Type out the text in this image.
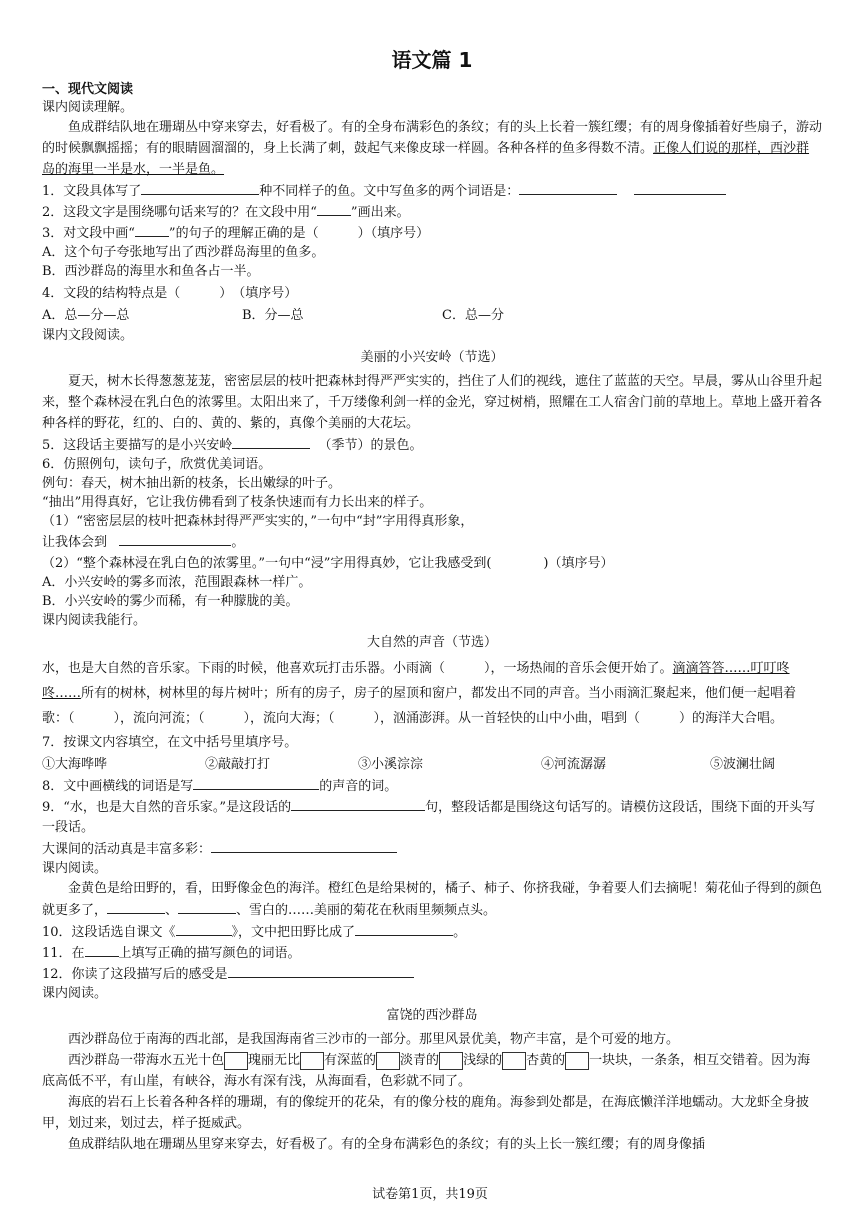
语文篇 1
一、现代文阅读
课内阅读理解。

鱼成群结队地在珊瑚丛中穿来穿去，好看极了。有的全身布满彩色的条纹；有的头上长着一簇红缨；有的周身像插着好些扇子，游动的时候飘飘摇摇；有的眼睛圆溜溜的，身上长满了刺，鼓起气来像皮球一样圆。各种各样的鱼多得数不清。正像人们说的那样，西沙群岛的海里一半是水，一半是鱼。

1．文段具体写了	种不同样子的鱼。文中写鱼多的两个词语是：
2．这段文字是围绕哪句话来写的？在文段中用“	”画出来。
3．对文段中画“	”的句子的理解正确的是（　　　）（填序号）
A．这个句子夸张地写出了西沙群岛海里的鱼多。
B．西沙群岛的海里水和鱼各占一半。
4．文段的结构特点是（　　　）　（填序号）
A．总—分—总	B．分—总	C．总—分
课内文段阅读。
美丽的小兴安岭（节选）

夏天，树木长得葱葱茏茏，密密层层的枝叶把森林封得严严实实的，挡住了人们的视线，遮住了蓝蓝的天空。早晨，雾从山谷里升起来，整个森林浸在乳白色的浓雾里。太阳出来了，千万缕像利剑一样的金光，穿过树梢，照耀在工人宿舍门前的草地上。草地上盛开着各种各样的野花，红的、白的、黄的、紫的，真像个美丽的大花坛。

5．这段话主要描写的是小兴安岭	（季节）的景色。
6．仿照例句，读句子，欣赏优美词语。
例句：春天，树木抽出新的枝条，长出嫩绿的叶子。
“抽出”用得真好，它让我仿佛看到了枝条快速而有力长出来的样子。
（1）“密密层层的枝叶把森林封得严严实实的，”一句中“封”字用得真形象，
让我体会到	。
（2）“整个森林浸在乳白色的浓雾里。”一句中“浸”字用得真妙，它让我感受到(　　　　)（填序号）
A．小兴安岭的雾多而浓，范围跟森林一样广。
B．小兴安岭的雾少而稀，有一种朦胧的美。
课内阅读我能行。
大自然的声音（节选）

水，也是大自然的音乐家。下雨的时候，他喜欢玩打击乐器。小雨滴（　　　），一场热闹的音乐会便开始了。滴滴答答……叮叮咚咚……所有的树林，树林里的每片树叶；所有的房子，房子的屋顶和窗户，都发出不同的声音。当小雨滴汇聚起来，他们便一起唱着歌：（　　　），流向河流；（　　　），流向大海；（　　　），汹涌澎湃。从一首轻快的山中小曲，唱到（　　　）的海洋大合唱。

7．按课文内容填空，在文中括号里填序号。
①大海哗哗	②敲敲打打	③小溪淙淙	④河流潺潺	⑤波澜壮阔
8．文中画横线的词语是写	的声音的词。

9．“水，也是大自然的音乐家。”是这段话的	句，整段话都是围绕这句话写的。请模仿这段话，围绕下面的开头写一段话。

大课间的活动真是丰富多彩：
课内阅读。

金黄色是给田野的，看，田野像金色的海洋。橙红色是给果树的，橘子、柿子、你挤我碰，争着要人们去摘呢！菊花仙子得到的颜色就更多了，	、	、雪白的……美丽的菊花在秋雨里频频点头。

10．这段话选自课文《	》，文中把田野比成了	。
11．在	上填写正确的描写颜色的词语。
12．你读了这段描写后的感受是
课内阅读。
富饶的西沙群岛

西沙群岛位于南海的西北部，是我国海南省三沙市的一部分。那里风景优美，物产丰富，是个可爱的地方。

西沙群岛一带海水五光十色 瑰丽无比 有深蓝的 淡青的 浅绿的 杏黄的 一块块，一条条，相互交错着。因为海底高低不平，有山崖，有峡谷，海水有深有浅，从海面看，色彩就不同了。

海底的岩石上长着各种各样的珊瑚，有的像绽开的花朵，有的像分枝的鹿角。海参到处都是，在海底懒洋洋地蠕动。大龙虾全身披甲，划过来，划过去，样子挺威武。

鱼成群结队地在珊瑚丛里穿来穿去，好看极了。有的全身布满彩色的条纹；有的头上长一簇红缨；有的周身像插

试卷第1页，共19页
